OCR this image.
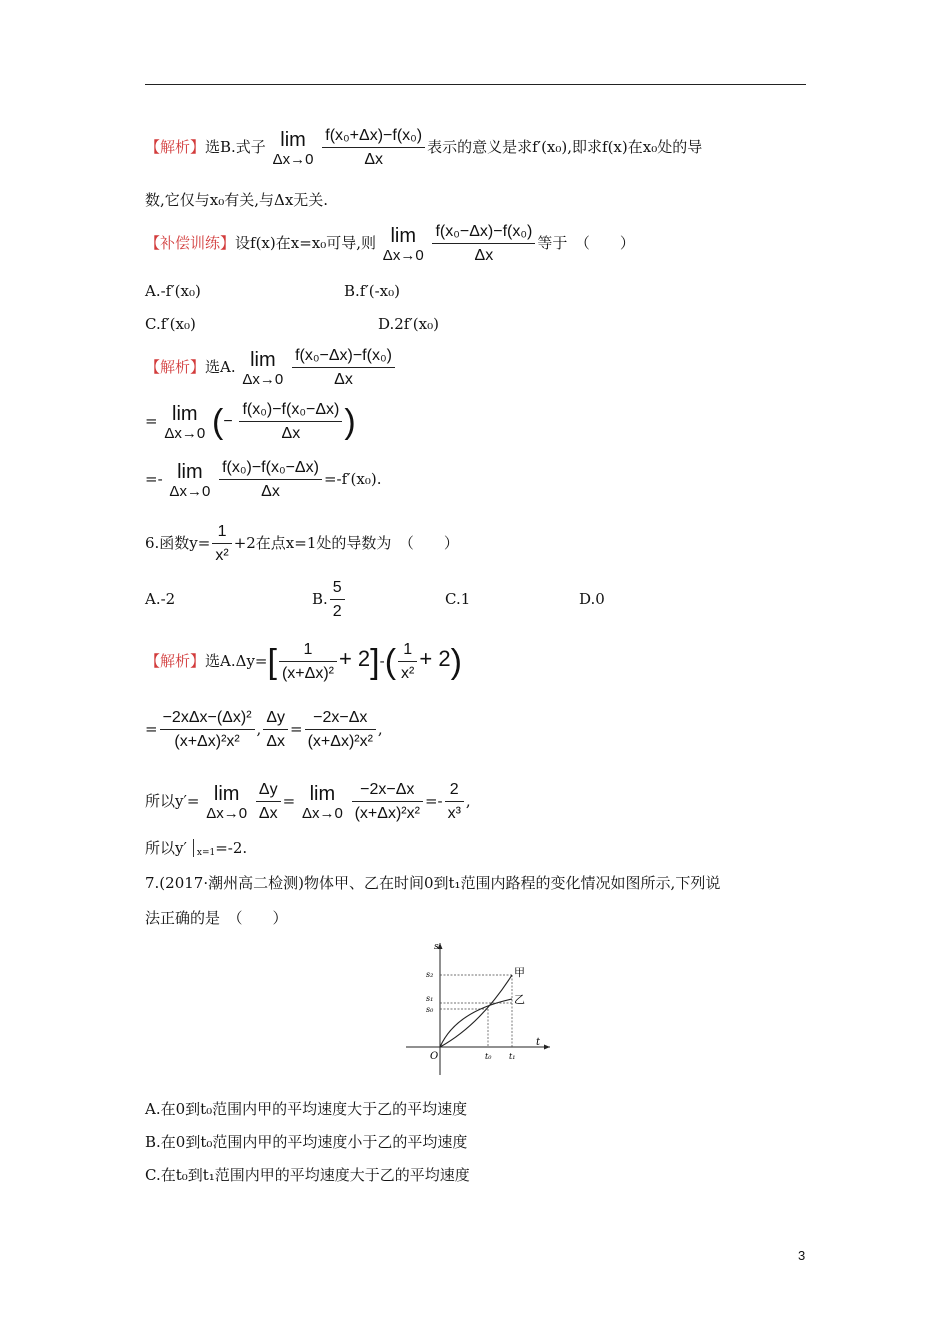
【解析】选B.式子 lim
Δx→0
$\frac{\text{f(x₀+Δx)−f(x₀)}}{\Delta x}$ 表示的意义是求f′(x₀),即求f(x)在x₀处的导
数,它仅与x₀有关,与Δx无关.
【补偿训练】设f(x)在x=x₀可导,则 lim
Δx→0
$\frac{\text{f(x₀−Δx)−f(x₀)}}{\Delta x}$ 等于　（　　）
A.-f′(x₀)	B.f′(-x₀)
C.f′(x₀)	D.2f′(x₀)
【解析】选A. lim
Δx→0
$\frac{\text{f(x₀−Δx)−f(x₀)}}{\Delta x}$
= lim
Δx→0 (− $\frac{\text{f(x₀)−f(x₀−Δx)}}{\Delta x}$ )
=- lim
Δx→0
$\frac{\text{f(x₀)−f(x₀−Δx)}}{\Delta x} =-f'(x_0)$.
6.函数$y= \frac{1}{\text{x²}} +2$在点x=1处的导数为　（　　）
A.-2	B. $\frac{5}{2}$	C.1	D.0
【解析】选$A.\Delta y=[ \frac{1}{\text{(x+Δx)²}} + 2]-( \frac{1}{\text{x²}} + 2)$
= $\frac{\text{−2xΔx−(Δx)²}}{\text{(x+Δx)²x²}}$ , $\frac{\Delta y}{\Delta x} = \frac{-2x-\Delta x}{\text{(x+Δx)²x²}}$ ,
所以y′= lim
Δx→0
$\frac{\Delta y}{\Delta x} = \lim$
Δx→0
$\frac{-2x-\Delta x}{\text{(x+Δx)²x²}} =- \frac{2}{\text{x³}}$ ,
所以y′ $_{x=1}$=-2.
7.(2017·潮州高二检测)物体甲、乙在时间0到t₁范围内路程的变化情况如图所示,下列说
法正确的是　（　　）
s
t
O
s₂
s₁
s₀
t₀ t₁
甲
乙
A.在0到t₀范围内甲的平均速度大于乙的平均速度
B.在0到t₀范围内甲的平均速度小于乙的平均速度
C.在t₀到t₁范围内甲的平均速度大于乙的平均速度
3
